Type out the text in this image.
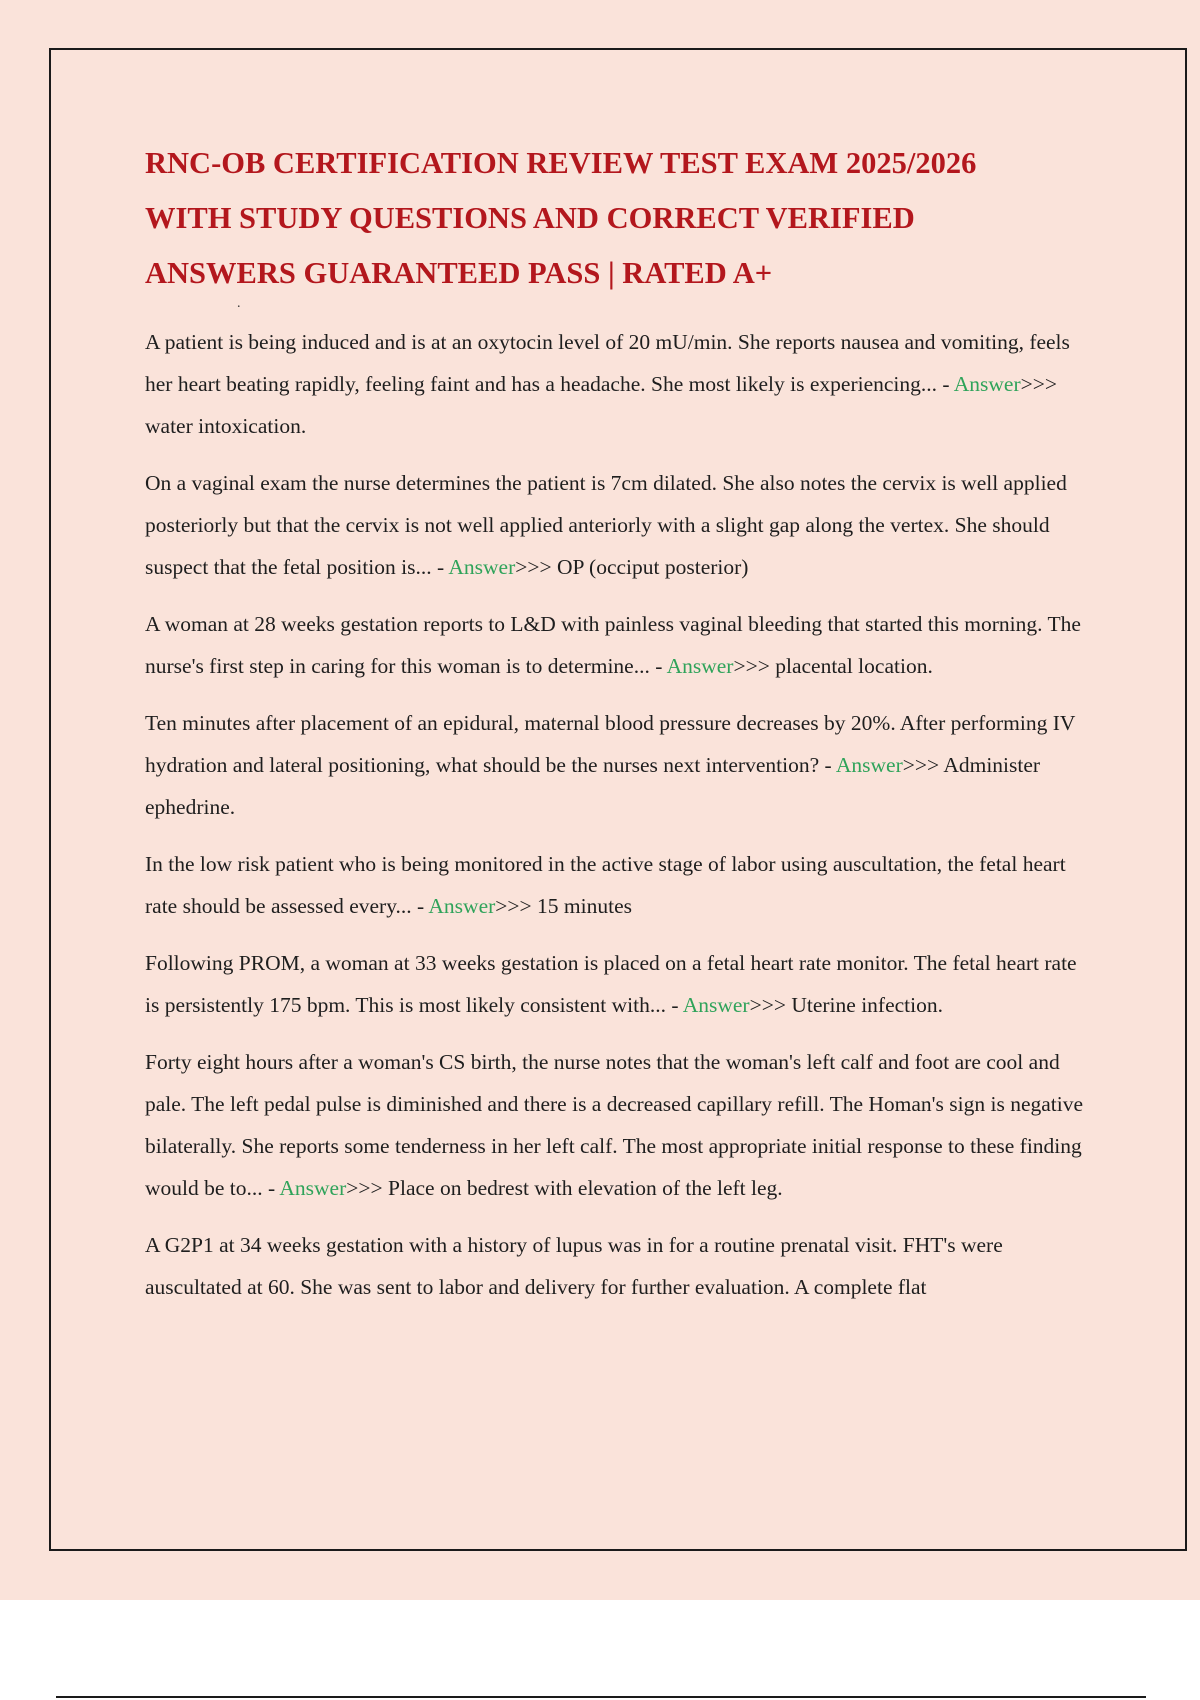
RNC-OB CERTIFICATION REVIEW TEST EXAM 2025/2026
WITH STUDY QUESTIONS AND CORRECT VERIFIED
ANSWERS GUARANTEED PASS | RATED A+
.

A patient is being induced and is at an oxytocin level of 20 mU/min. She reports nausea and vomiting, feels her heart beating rapidly, feeling faint and has a headache. She most likely is experiencing... - Answer>>> water intoxication.

On a vaginal exam the nurse determines the patient is 7cm dilated. She also notes the cervix is well applied posteriorly but that the cervix is not well applied anteriorly with a slight gap along the vertex. She should suspect that the fetal position is... - Answer>>> OP (occiput posterior)

A woman at 28 weeks gestation reports to L&D with painless vaginal bleeding that started this morning. The nurse's first step in caring for this woman is to determine... - Answer>>> placental location.

Ten minutes after placement of an epidural, maternal blood pressure decreases by 20%. After performing IV hydration and lateral positioning, what should be the nurses next intervention? - Answer>>> Administer ephedrine.

In the low risk patient who is being monitored in the active stage of labor using auscultation, the fetal heart rate should be assessed every... - Answer>>> 15 minutes

Following PROM, a woman at 33 weeks gestation is placed on a fetal heart rate monitor. The fetal heart rate is persistently 175 bpm. This is most likely consistent with... - Answer>>> Uterine infection.

Forty eight hours after a woman's CS birth, the nurse notes that the woman's left calf and foot are cool and pale. The left pedal pulse is diminished and there is a decreased capillary refill. The Homan's sign is negative bilaterally. She reports some tenderness in her left calf. The most appropriate initial response to these finding would be to... - Answer>>> Place on bedrest with elevation of the left leg.

A G2P1 at 34 weeks gestation with a history of lupus was in for a routine prenatal visit. FHT's were auscultated at 60. She was sent to labor and delivery for further evaluation. A complete flat
